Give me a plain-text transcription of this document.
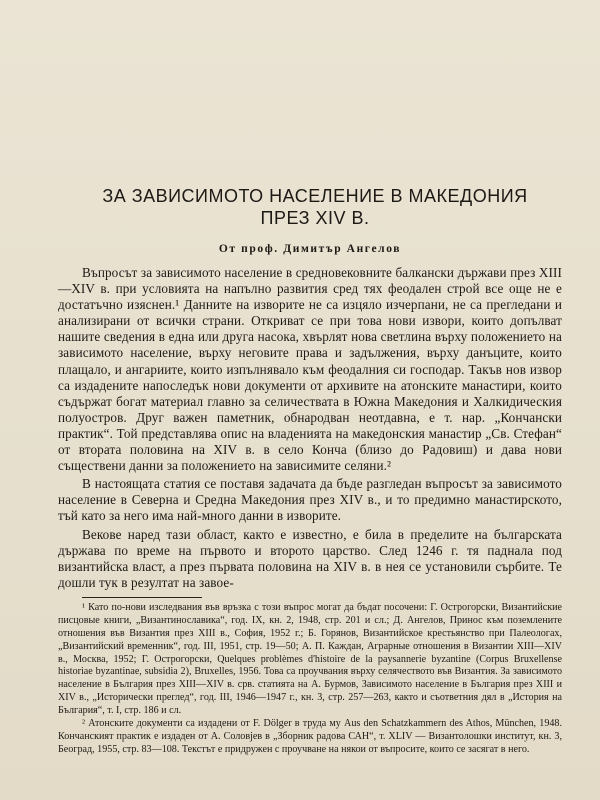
ЗА ЗАВИСИМОТО НАСЕЛЕНИЕ В МАКЕДОНИЯ
ПРЕЗ XIV В.
От проф. Димитър Ангелов

Въпросът за зависимото население в средновековните балкански държави през XIII—XIV в. при условията на напълно развития сред тях феодален строй все още не е достатъчно изяснен.¹ Данните на изворите не са изцяло изчерпани, не са прегледани и анализирани от всички страни. Откриват се при това нови извори, които допълват нашите сведения в една или друга насока, хвърлят нова светлина върху положението на зависимото население, върху неговите права и задължения, върху данъците, които плащало, и ангариите, които изпълнявало към феодалния си господар. Такъв нов извор са издадените напоследък нови документи от архивите на атонските манастири, които съдържат богат материал главно за селичествата в Южна Македония и Халкидическия полуостров. Друг важен паметник, обнародван неотдавна, е т. нар. „Кончански практик“. Той представлява опис на владенията на македонския манастир „Св. Стефан“ от втората половина на XIV в. в село Конча (близо до Радовиш) и дава нови съществени данни за положението на зависимите селяни.²

В настоящата статия се поставя задачата да бъде разгледан въпросът за зависимото население в Северна и Средна Македония през XIV в., и то предимно манастирското, тъй като за него има най-много данни в изворите.

Векове наред тази област, както е известно, е била в пределите на българската държава по време на първото и второто царство. След 1246 г. тя паднала под византийска власт, а през първата половина на XIV в. в нея се установили сърбите. Те дошли тук в резултат на завое-

¹ Като по-нови изследвания във връзка с този въпрос могат да бъдат посочени: Г. Острогорски, Византийские писцовые книги, „Византинославика“, год. IX, кн. 2, 1948, стр. 201 и сл.; Д. Ангелов, Принос към поземлените отношения във Византия през XIII в., София, 1952 г.; Б. Горянов, Византийское крестьянство при Палеологах, „Византийский временник“, год. III, 1951, стр. 19—50; А. П. Каждан, Аграрные отношения в Византии XIII—XIV в., Москва, 1952; Г. Острогорски, Quelques problèmes d'histoire de la paysannerie byzantine (Corpus Bruxellense historiae byzantinae, subsidia 2), Bruxelles, 1956. Това са проучвания върху селячеството във Византия. За зависимото население в България през XIII—XIV в. срв. статията на А. Бурмов, Зависимото население в България през XIII и XIV в., „Исторически преглед“, год. III, 1946—1947 г., кн. 3, стр. 257—263, както и съответния дял в „История на България“, т. I, стр. 186 и сл.

² Атонските документи са издадени от F. Dölger в труда му Aus den Schatzkammern des Athos, München, 1948. Кончанският практик е издаден от А. Соловјев в „Зборник радова САН“, т. XLIV — Византолошки институт, кн. 3, Београд, 1955, стр. 83—108. Текстът е придружен с проучване на някои от въпросите, които се засягат в него.
